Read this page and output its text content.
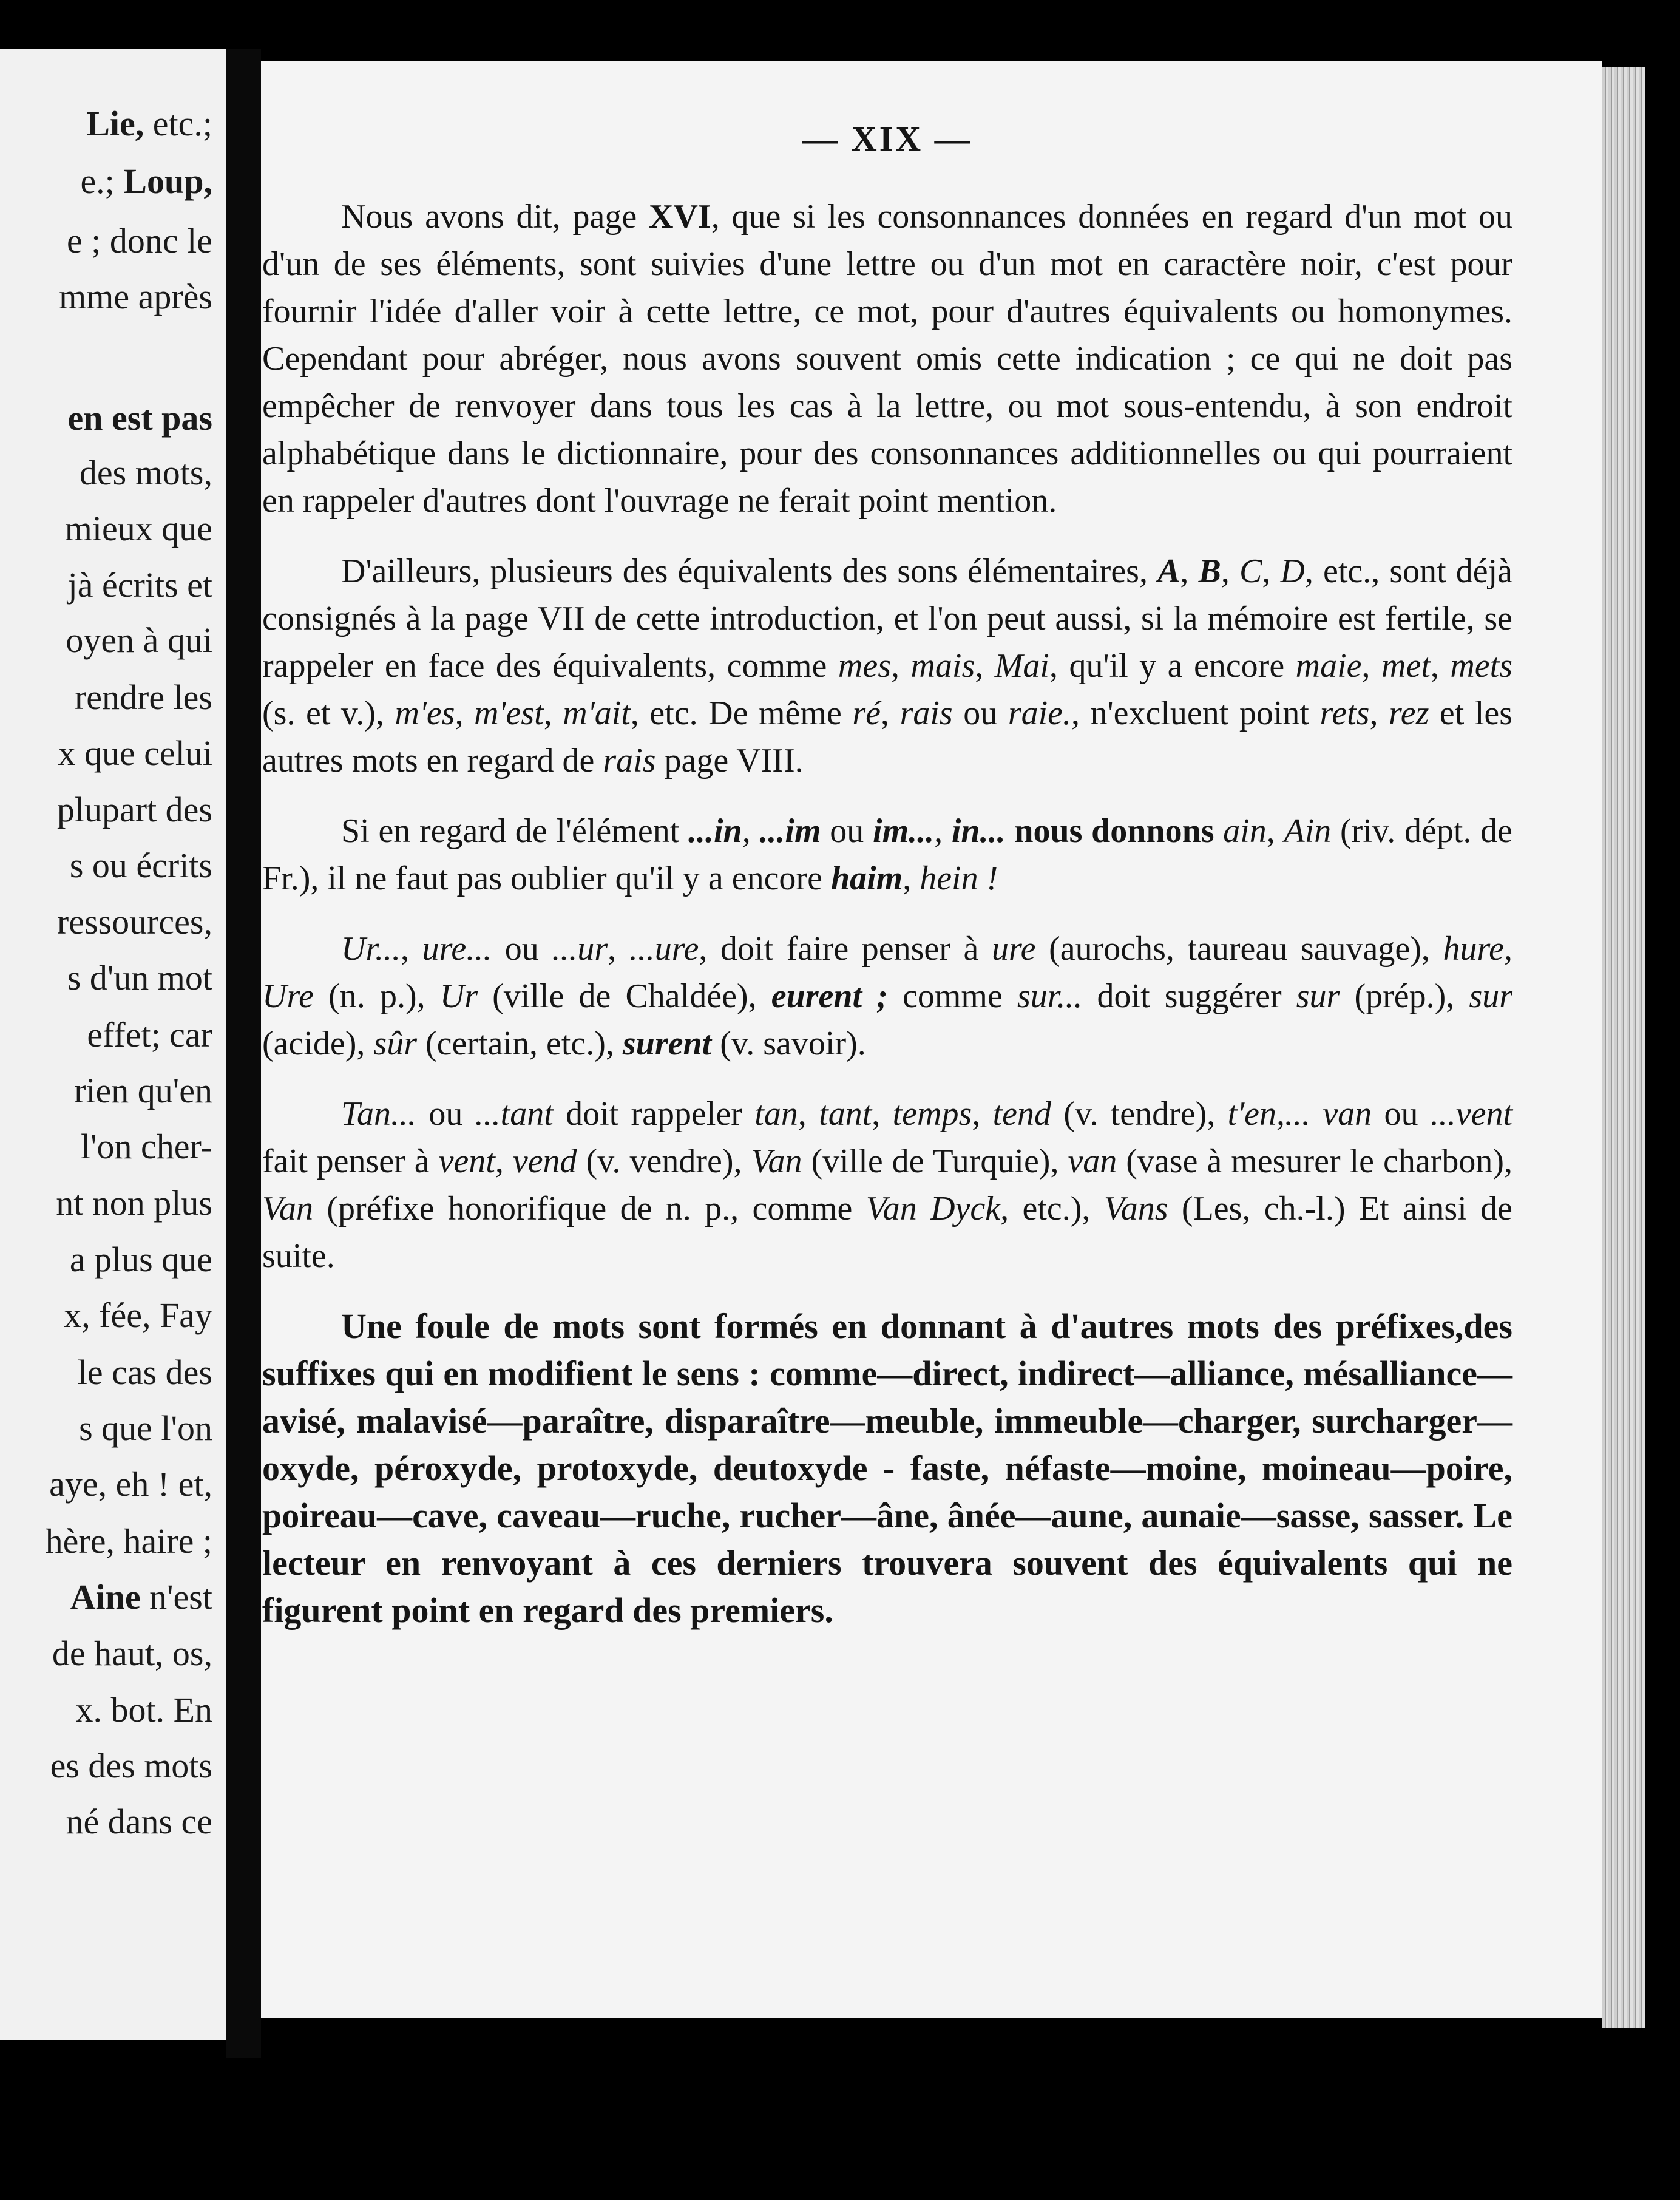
Lie, etc.;
e.; Loup,
e ; donc le
mme après
en est pas
des mots,
mieux que
jà écrits et
oyen à qui
rendre les
x que celui
plupart des
s ou écrits
ressources,
s d'un mot
effet; car
rien qu'en
l'on cher-
nt non plus
a plus que
x, fée, Fay
le cas des
s que l'on
aye, eh ! et,
hère, haire ;
Aine n'est
de haut, os,
x. bot. En
es des mots
né dans ce
— XIX —

Nous avons dit, page XVI, que si les consonnances données en regard d'un mot ou d'un de ses éléments, sont suivies d'une lettre ou d'un mot en caractère noir, c'est pour fournir l'idée d'aller voir à cette lettre, ce mot, pour d'autres équivalents ou homonymes. Cependant pour abréger, nous avons souvent omis cette indication ; ce qui ne doit pas empêcher de renvoyer dans tous les cas à la lettre, ou mot sous-entendu, à son endroit alphabétique dans le dictionnaire, pour des consonnances additionnelles ou qui pourraient en rappeler d'autres dont l'ouvrage ne ferait point mention.

D'ailleurs, plusieurs des équivalents des sons élémentaires, A, B, C, D, etc., sont déjà consignés à la page VII de cette introduction, et l'on peut aussi, si la mémoire est fertile, se rappeler en face des équivalents, comme mes, mais, Mai, qu'il y a encore maie, met, mets (s. et v.), m'es, m'est, m'ait, etc. De même ré, rais ou raie., n'excluent point rets, rez et les autres mots en regard de rais page VIII.

Si en regard de l'élément ...in, ...im ou im..., in... nous donnons ain, Ain (riv. dépt. de Fr.), il ne faut pas oublier qu'il y a encore haim, hein !

Ur..., ure... ou ...ur, ...ure, doit faire penser à ure (aurochs, taureau sauvage), hure, Ure (n. p.), Ur (ville de Chaldée), eurent ; comme sur... doit suggérer sur (prép.), sur (acide), sûr (certain, etc.), surent (v. savoir).

Tan... ou ...tant doit rappeler tan, tant, temps, tend (v. tendre), t'en,... van ou ...vent fait penser à vent, vend (v. vendre), Van (ville de Turquie), van (vase à mesurer le charbon), Van (préfixe honorifique de n. p., comme Van Dyck, etc.), Vans (Les, ch.-l.) Et ainsi de suite.

Une foule de mots sont formés en donnant à d'autres mots des préfixes,des suffixes qui en modifient le sens : comme—direct, indirect—alliance, mésalliance—avisé, malavisé—paraître, disparaître—meuble, immeuble—charger, surcharger—oxyde, péroxyde, protoxyde, deutoxyde - faste, néfaste—moine, moineau—poire, poireau—cave, caveau—ruche, rucher—âne, ânée—aune, aunaie—sasse, sasser. Le lecteur en renvoyant à ces derniers trouvera souvent des équivalents qui ne figurent point en regard des premiers.
